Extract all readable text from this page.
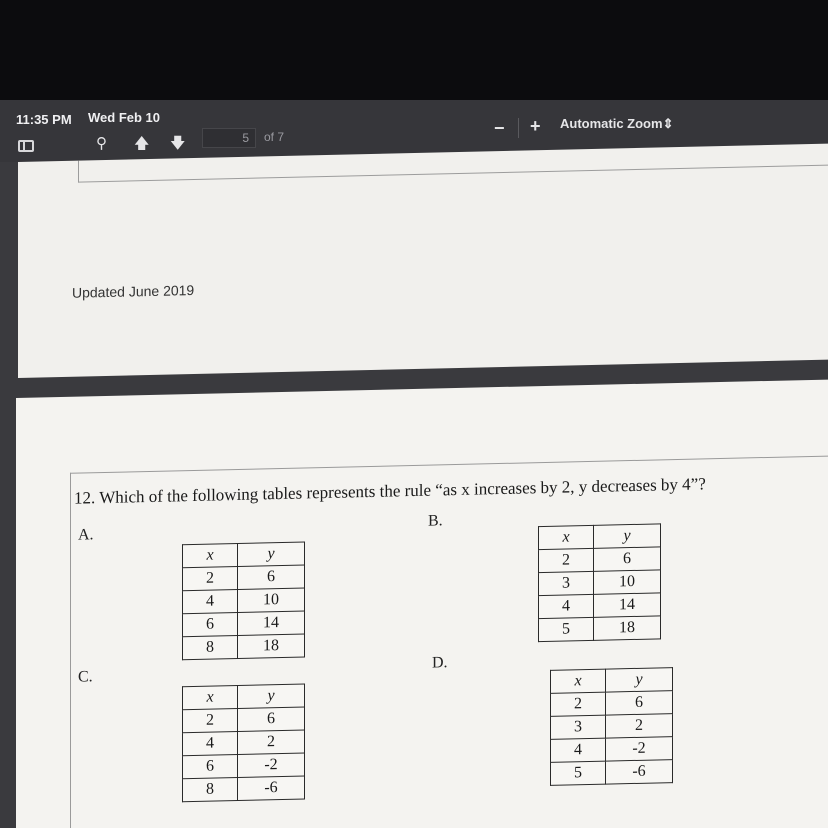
11:35 PM Wed Feb 10
⚲ 🡅 🡇	5	of 7	− + Automatic Zoom⇕
Updated June 2019
12. Which of the following tables represents the rule “as x increases by 2, y decreases by 4”?
A.
x	y
2	6
4	10
6	14
8	18
B.
x	y
2	6
3	10
4	14
5	18
C.
x	y
2	6
4	2
6	-2
8	-6
D.
x	y
2	6
3	2
4	-2
5	-6
